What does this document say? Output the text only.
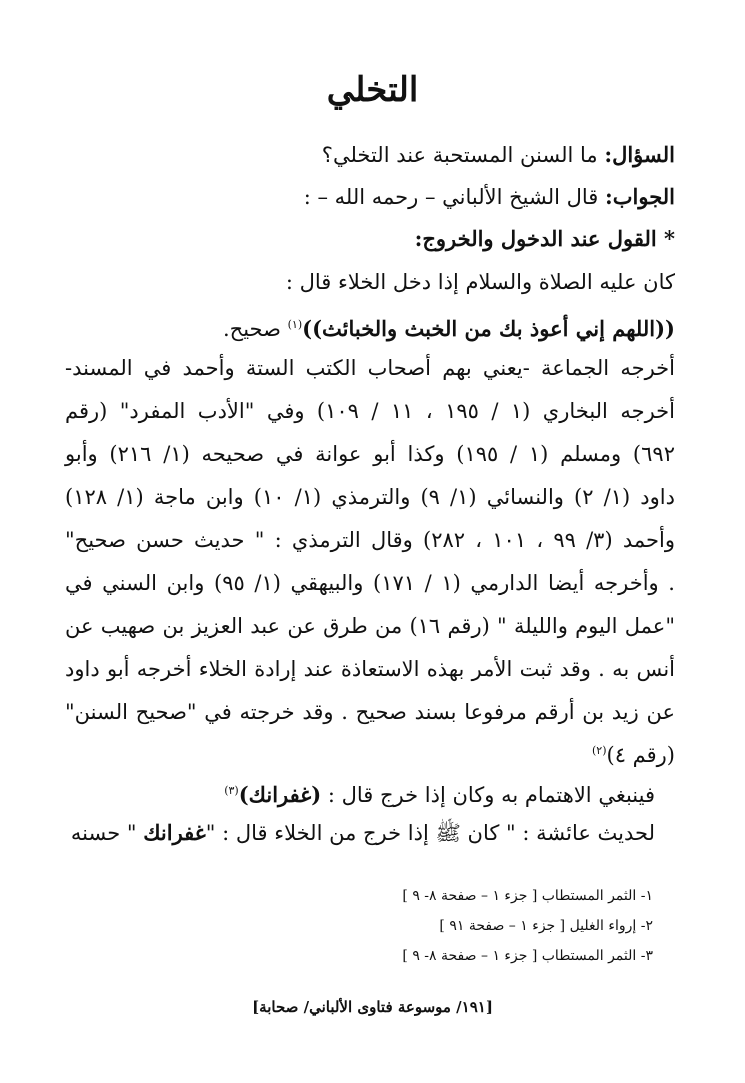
التخلي
السؤال: ما السنن المستحبة عند التخلي؟
الجواب: قال الشيخ الألباني – رحمه الله – :
* القول عند الدخول والخروج:
كان عليه الصلاة والسلام إذا دخل الخلاء قال :
((اللهم إني أعوذ بك من الخبث والخبائث))$^{(١)}$ صحيح.
أخرجه الجماعة -يعني بهم أصحاب الكتب الستة وأحمد في المسند-
أخرجه البخاري (١ / ١٩٥ ، ١١ / ١٠٩) وفي "الأدب المفرد" (رقم
٦٩٢) ومسلم (١ / ١٩٥) وكذا أبو عوانة في صحيحه (١/ ٢١٦) وأبو
داود (١/ ٢) والنسائي (١/ ٩) والترمذي (١/ ١٠) وابن ماجة (١/ ١٢٨)
وأحمد (٣/ ٩٩ ، ١٠١ ، ٢٨٢) وقال الترمذي : " حديث حسن صحيح"
. وأخرجه أيضا الدارمي (١ / ١٧١) والبيهقي (١/ ٩٥) وابن السني في
"عمل اليوم والليلة " (رقم ١٦) من طرق عن عبد العزيز بن صهيب عن
أنس به . وقد ثبت الأمر بهذه الاستعاذة عند إرادة الخلاء أخرجه أبو داود
عن زيد بن أرقم مرفوعا بسند صحيح . وقد خرجته في "صحيح السنن"
(رقم ٤)$^{(٢)}$
فينبغي الاهتمام به وكان إذا خرج قال : (غفرانك)$^{(٣)}$
لحديث عائشة : " كان ﷺ إذا خرج من الخلاء قال : "غفرانك " حسنه
١- الثمر المستطاب [ جزء ١ – صفحة ٨- ٩ ]
٢- إرواء الغليل [ جزء ١ – صفحة ٩١ ]
٣- الثمر المستطاب [ جزء ١ – صفحة ٨- ٩ ]
[١٩١/ موسوعة فتاوى الألباني/ صحابة]
